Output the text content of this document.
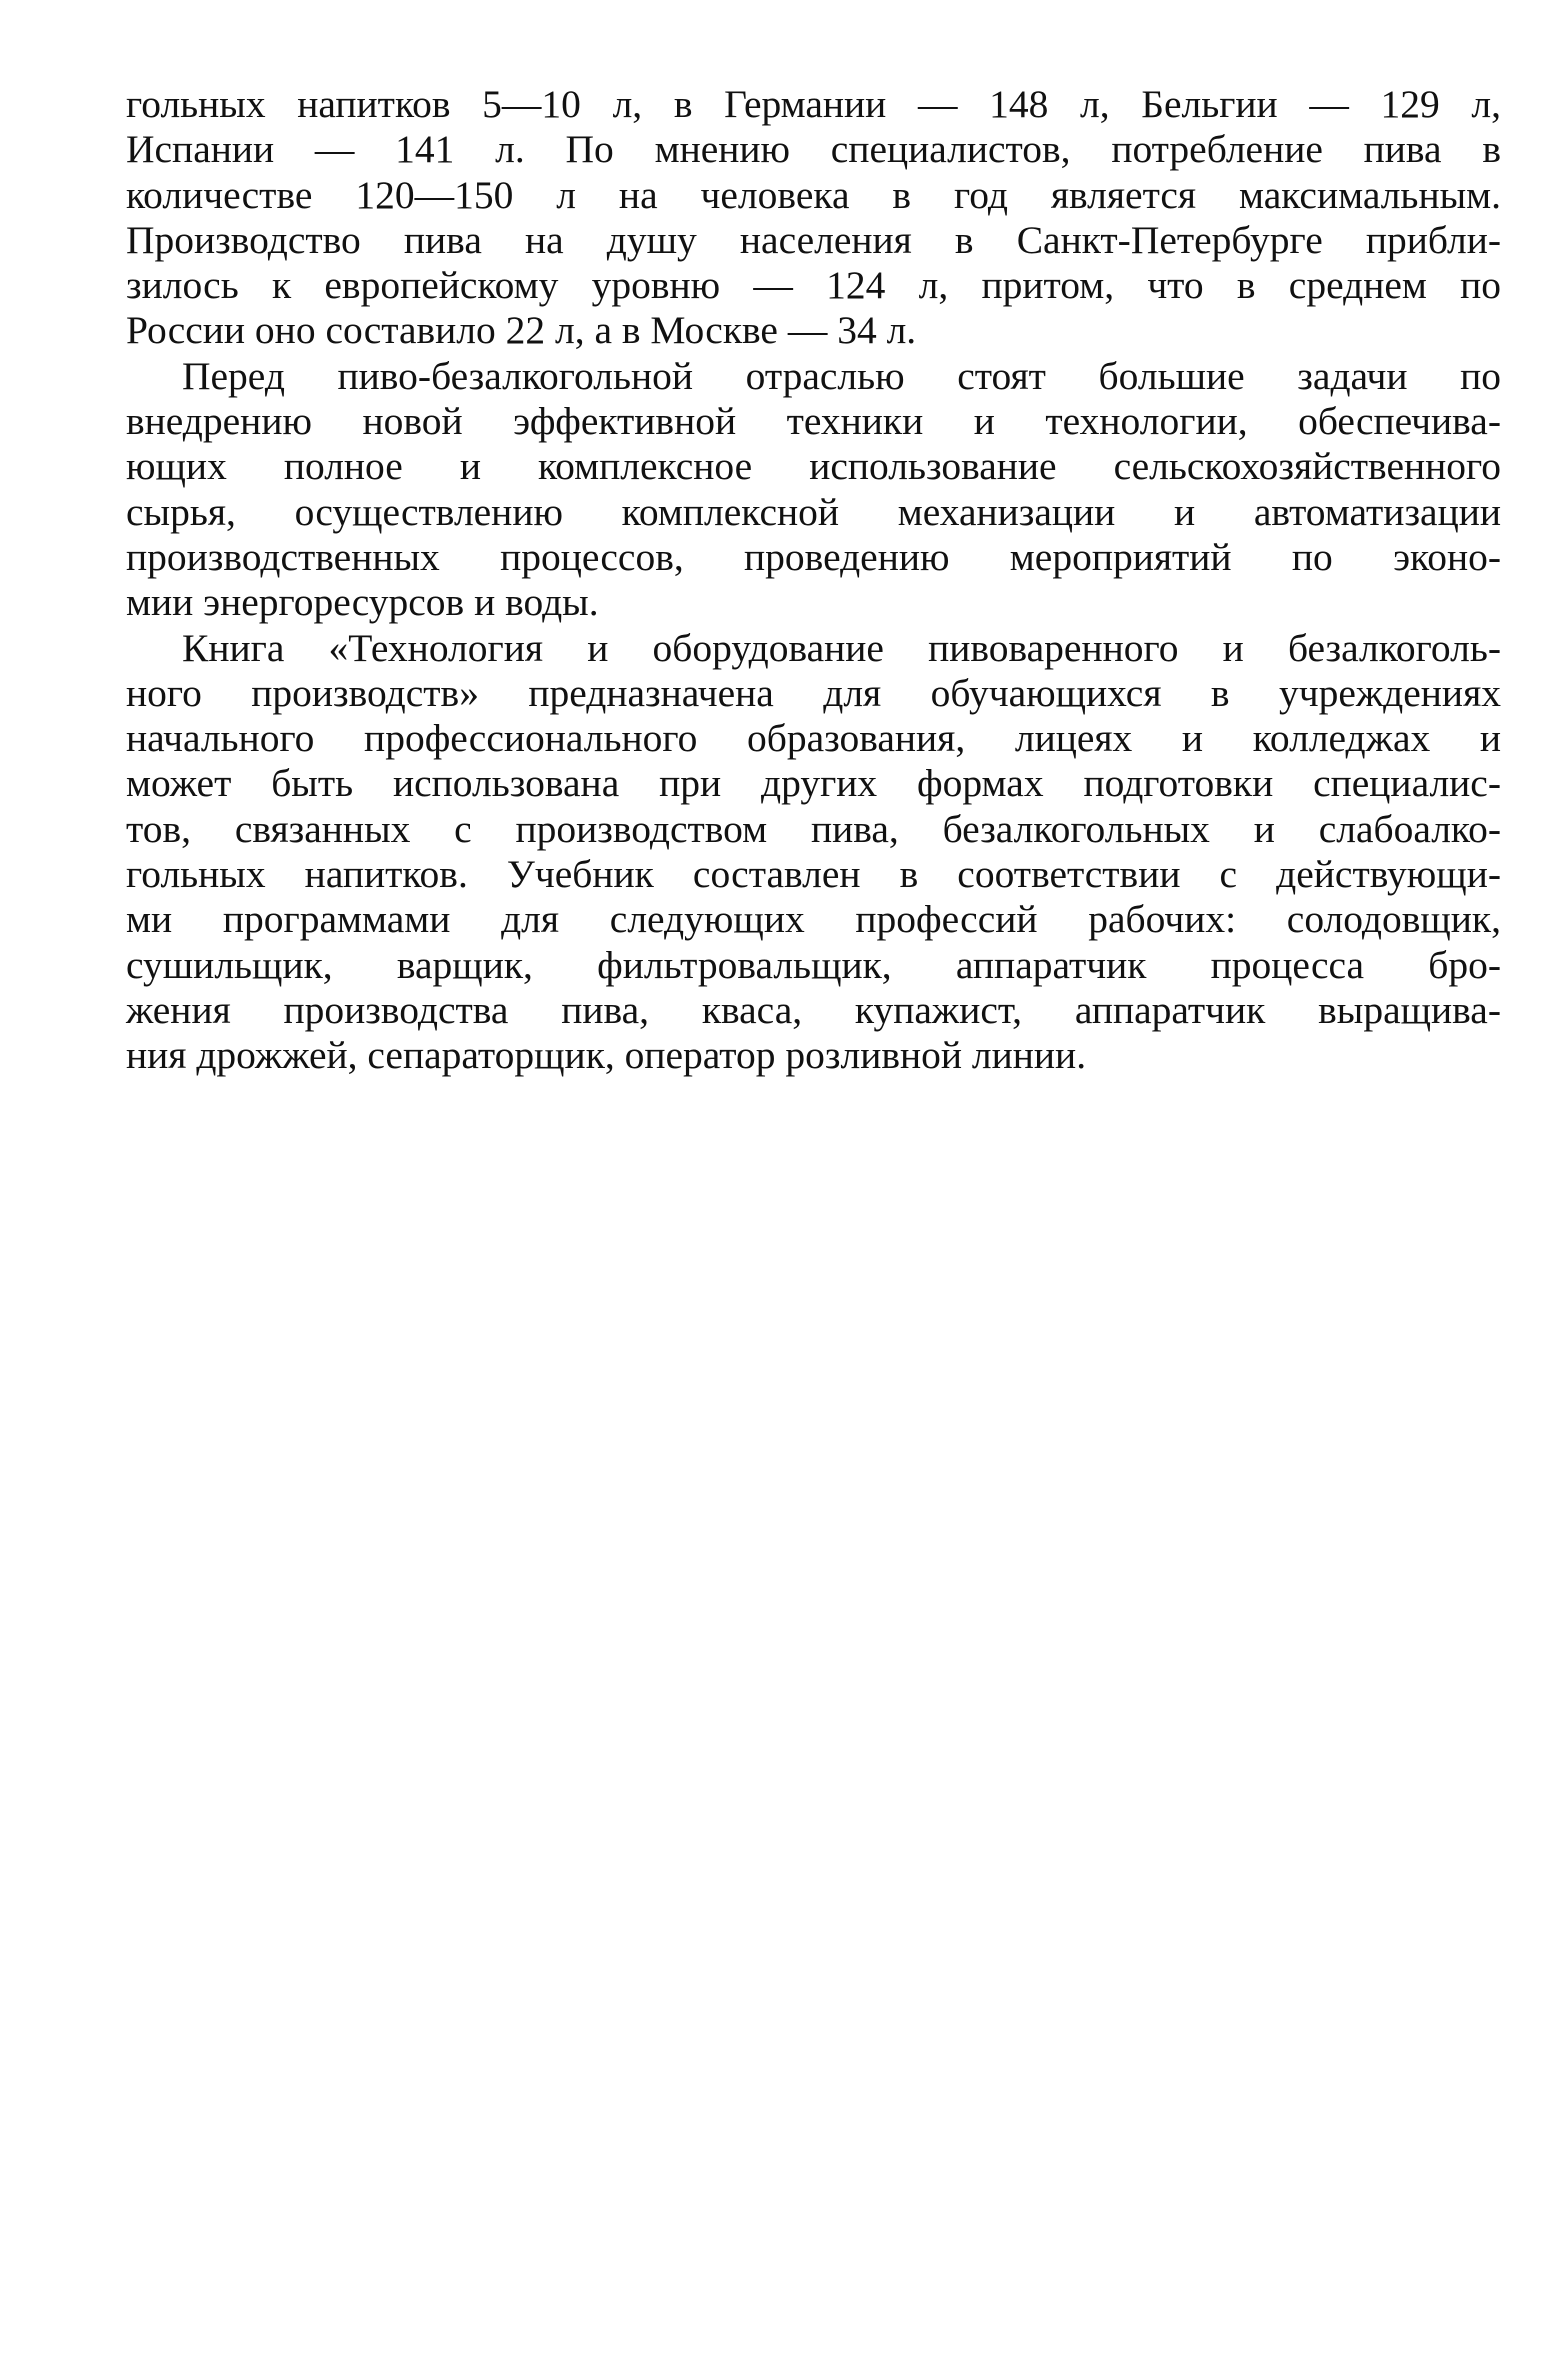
гольных напитков 5—10 л, в Германии — 148 л, Бельгии — 129 л,
Испании — 141 л. По мнению специалистов, потребление пива в
количестве 120—150 л на человека в год является максимальным.
Производство пива на душу населения в Санкт-Петербурге прибли-
зилось к европейскому уровню — 124 л, притом, что в среднем по
России оно составило 22 л, а в Москве — 34 л.
Перед пиво-безалкогольной отраслью стоят большие задачи по
внедрению новой эффективной техники и технологии, обеспечива-
ющих полное и комплексное использование сельскохозяйственного
сырья, осуществлению комплексной механизации и автоматизации
производственных процессов, проведению мероприятий по эконо-
мии энергоресурсов и воды.
Книга «Технология и оборудование пивоваренного и безалкоголь-
ного производств» предназначена для обучающихся в учреждениях
начального профессионального образования, лицеях и колледжах и
может быть использована при других формах подготовки специалис-
тов, связанных с производством пива, безалкогольных и слабоалко-
гольных напитков. Учебник составлен в соответствии с действующи-
ми программами для следующих профессий рабочих: солодовщик,
сушильщик, варщик, фильтровальщик, аппаратчик процесса бро-
жения производства пива, кваса, купажист, аппаратчик выращива-
ния дрожжей, сепараторщик, оператор розливной линии.
